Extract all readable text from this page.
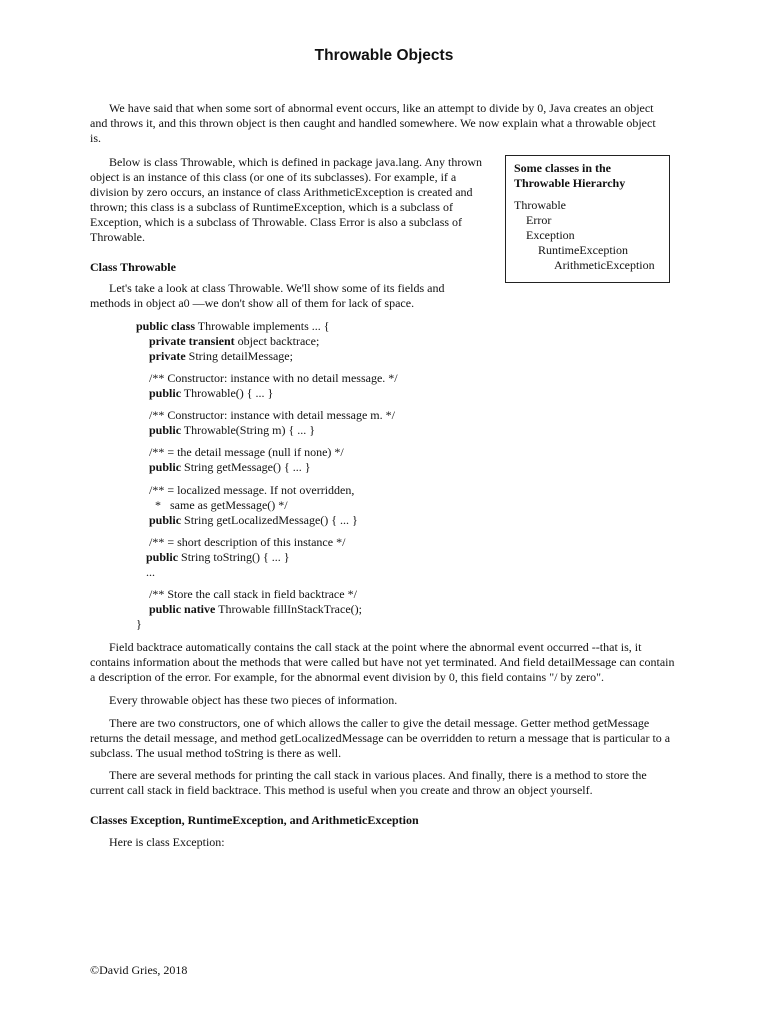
Throwable Objects

We have said that when some sort of abnormal event occurs, like an attempt to divide by 0, Java creates an object and throws it, and this thrown object is then caught and handled somewhere. We now explain what a throwable object is.

Below is class Throwable, which is defined in package java.lang. Any thrown object is an instance of this class (or one of its subclasses). For example, if a division by zero occurs, an instance of class ArithmeticException is created and thrown; this class is a subclass of RuntimeException, which is a subclass of Exception, which is a subclass of Throwable. Class Error is also a subclass of Throwable.

Some classes in the Throwable Hierarchy
Throwable
Error
Exception
RuntimeException
ArithmeticException
Class Throwable

Let's take a look at class Throwable. We'll show some of its fields and methods in object a0 —we don't show all of them for lack of space.

public class Throwable implements ... {
private transient object backtrace;
private String detailMessage;
/** Constructor: instance with no detail message. */
public Throwable() { ... }
/** Constructor: instance with detail message m. */
public Throwable(String m) { ... }
/** = the detail message (null if none) */
public String getMessage() { ... }
/** = localized message. If not overridden,
*   same as getMessage() */
public String getLocalizedMessage() { ... }
/** = short description of this instance */
public String toString() { ... }
...
/** Store the call stack in field backtrace */
public native Throwable fillInStackTrace();
}

Field backtrace automatically contains the call stack at the point where the abnormal event occurred --that is, it contains information about the methods that were called but have not yet terminated. And field detailMessage can contain a description of the error. For example, for the abnormal event division by 0, this field contains "/ by zero".

Every throwable object has these two pieces of information.

There are two constructors, one of which allows the caller to give the detail message. Getter method getMessage returns the detail message, and method getLocalizedMessage can be overridden to return a message that is particular to a subclass. The usual method toString is there as well.

There are several methods for printing the call stack in various places. And finally, there is a method to store the current call stack in field backtrace. This method is useful when you create and throw an object yourself.

Classes Exception, RuntimeException, and ArithmeticException

Here is class Exception:

©David Gries, 2018
